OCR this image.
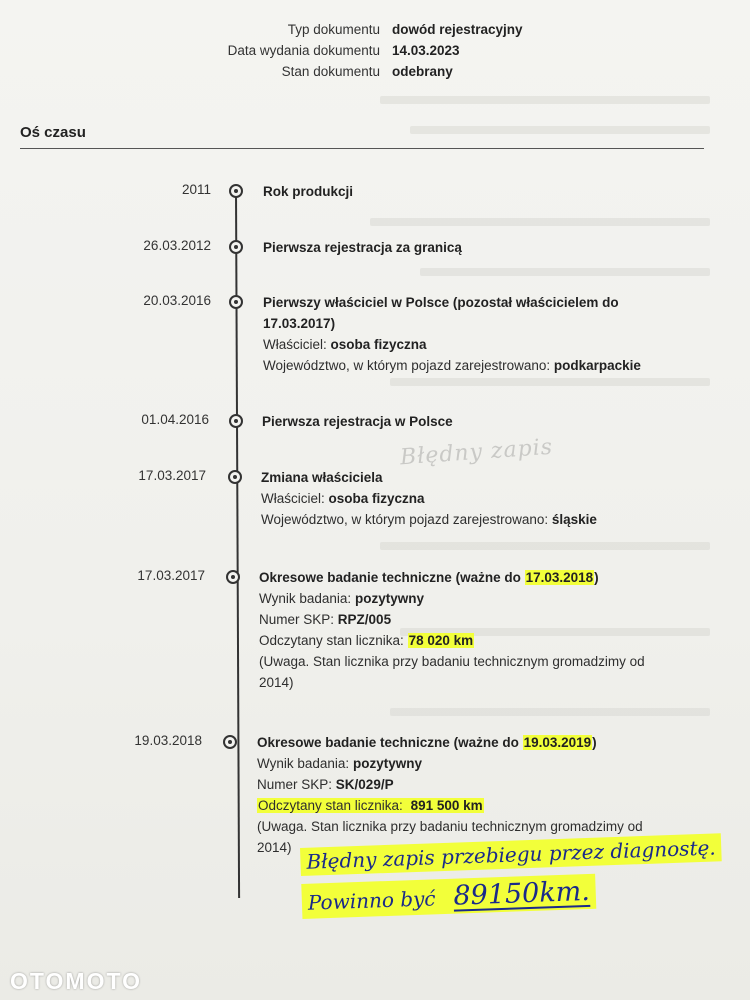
Typ dokumentu dowód rejestracyjny
Data wydania dokumentu 14.03.2023
Stan dokumentu odebrany
Oś czasu
2011	Rok produkcji
26.03.2012	Pierwsza rejestracja za granicą
20.03.2016	Pierwszy właściciel w Polsce (pozostał właścicielem do 17.03.2017)
Właściciel: osoba fizyczna
Województwo, w którym pojazd zarejestrowano: podkarpackie
01.04.2016	Pierwsza rejestracja w Polsce
Błędny zapis
17.03.2017	Zmiana właściciela
Właściciel: osoba fizyczna
Województwo, w którym pojazd zarejestrowano: śląskie
17.03.2017	Okresowe badanie techniczne (ważne do 17.03.2018)
Wynik badania: pozytywny
Numer SKP: RPZ/005
Odczytany stan licznika: 78 020 km
(Uwaga. Stan licznika przy badaniu technicznym gromadzimy od 2014)
19.03.2018	Okresowe badanie techniczne (ważne do 19.03.2019)
Wynik badania: pozytywny
Numer SKP: SK/029/P
Odczytany stan licznika: 891 500 km
(Uwaga. Stan licznika przy badaniu technicznym gromadzimy od 2014) Błędny zapis przebiegu przez diagnostę.
Powinno być 89150km.
OTOMOTO
